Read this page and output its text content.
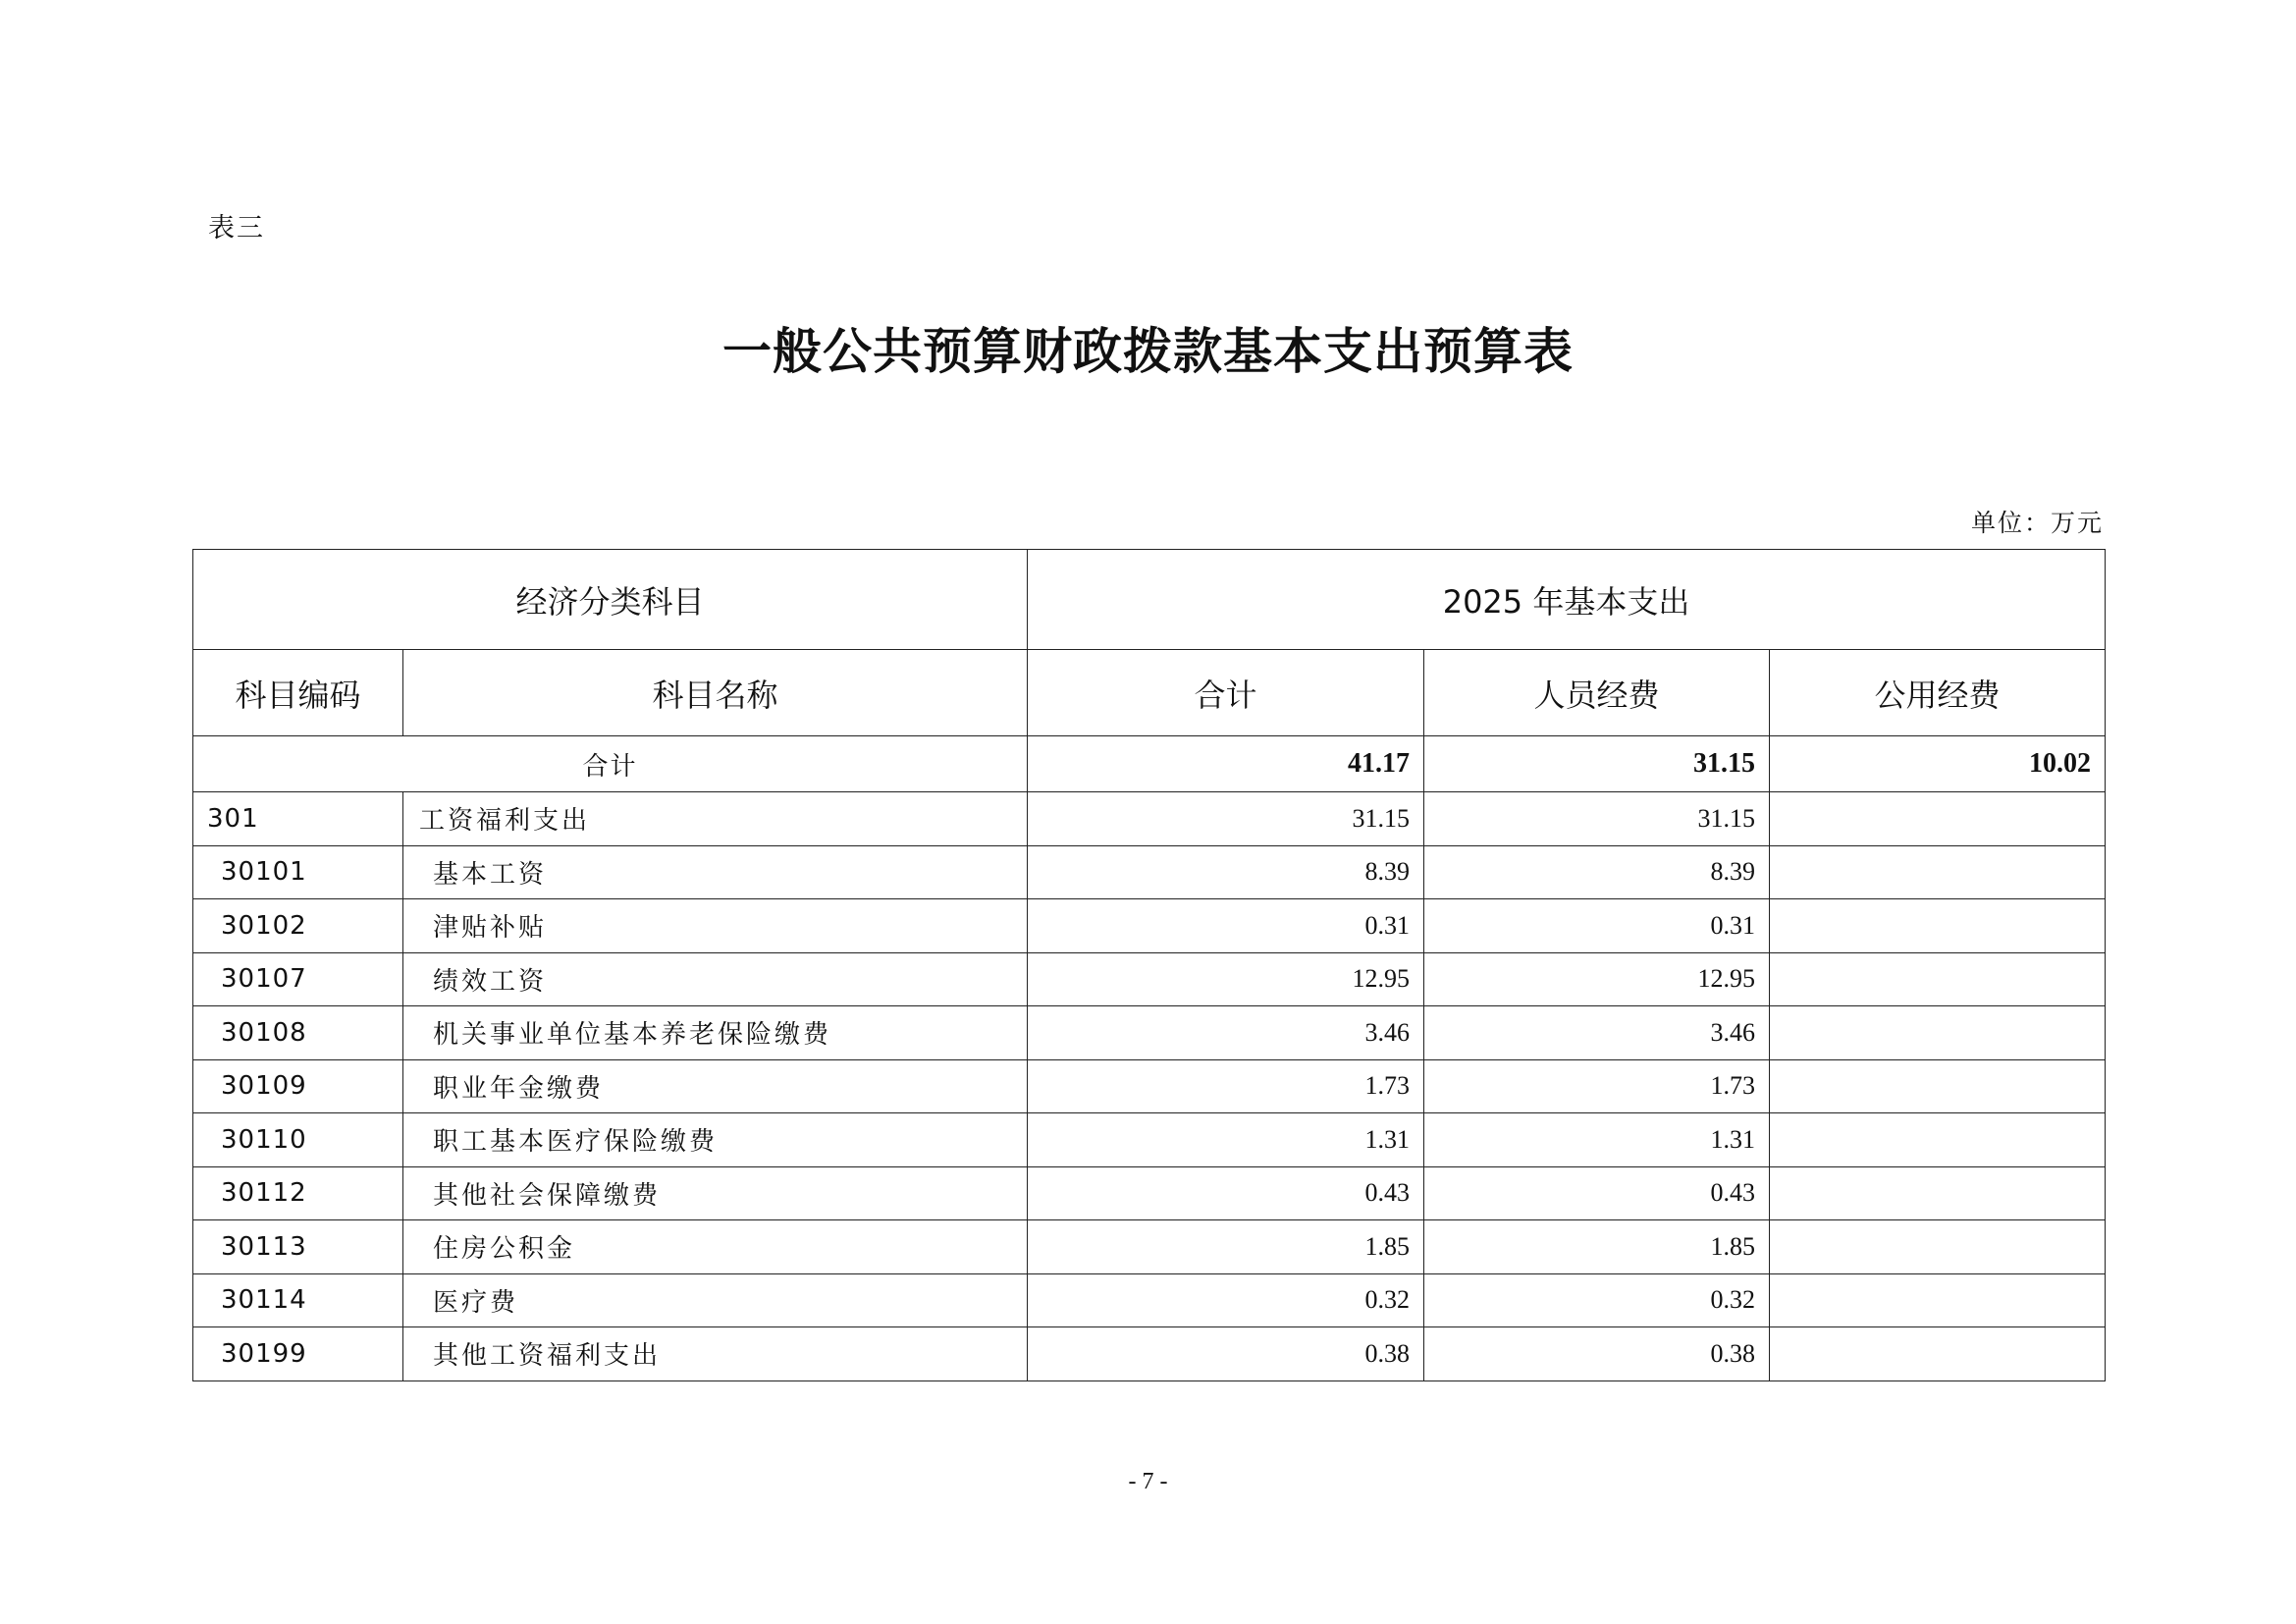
表三
一般公共预算财政拨款基本支出预算表
单位：万元
经济分类科目		2025 年基本支出		
科目编码	科目名称	合计	人员经费	公用经费
合计		41.17	31.15	10.02
301	工资福利支出	31.15	31.15	
30101	基本工资	8.39	8.39	
30102	津贴补贴	0.31	0.31	
30107	绩效工资	12.95	12.95	
30108	机关事业单位基本养老保险缴费	3.46	3.46	
30109	职业年金缴费	1.73	1.73	
30110	职工基本医疗保险缴费	1.31	1.31	
30112	其他社会保障缴费	0.43	0.43	
30113	住房公积金	1.85	1.85	
30114	医疗费	0.32	0.32	
30199	其他工资福利支出	0.38	0.38	
- 7 -
